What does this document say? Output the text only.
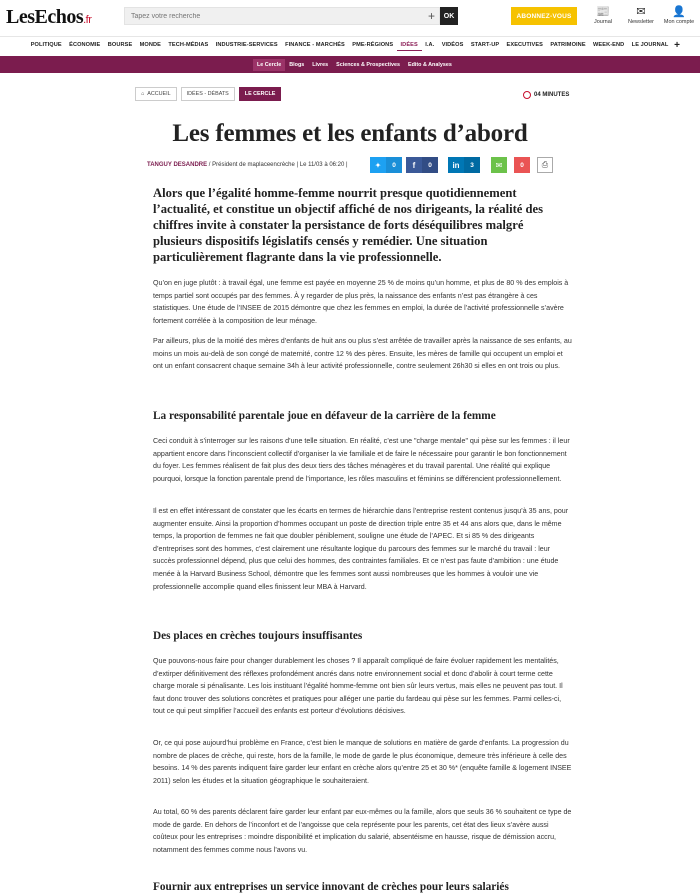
LesEchos.fr
Tapez votre recherche	+	OK	ABONNEZ-VOUS	📰
Journal
✉
Newsletter
👤
Mon compte
POLITIQUE	ÉCONOMIE	BOURSE	MONDE	TECH-MÉDIAS	INDUSTRIE-SERVICES	FINANCE - MARCHÉS	PME-RÉGIONS	IDÉES	I.A.	VIDÉOS	START-UP	EXECUTIVES	PATRIMOINE	WEEK-END	LE JOURNAL +
Le Cercle	Blogs	Livres	Sciences & Prospectives	Edito & Analyses
⌂ ACCUEIL	IDÉES - DÉBATS	LE CERCLE	04 MINUTES
Les femmes et les enfants d’abord
TANGUY DESANDRE / Président de maplaceencrèche | Le 11/03 à 06:20 |	✦	0	f	0	in	3	✉	0	⎙

Alors que l’égalité homme-femme nourrit presque quotidiennement l’actualité, et constitue un objectif affiché de nos dirigeants, la réalité des chiffres invite à constater la persistance de forts déséquilibres malgré plusieurs dispositifs législatifs censés y remédier. Une situation particulièrement flagrante dans la vie professionnelle.

Qu’on en juge plutôt : à travail égal, une femme est payée en moyenne 25 % de moins qu’un homme, et plus de 80 % des emplois à temps partiel sont occupés par des femmes. À y regarder de plus près, la naissance des enfants n’est pas étrangère à ces statistiques. Une étude de l’INSEE de 2015 démontre que chez les femmes en emploi, la durée de l’activité professionnelle s’avère fortement corrélée à la composition de leur ménage.

Par ailleurs, plus de la moitié des mères d’enfants de huit ans ou plus s’est arrêtée de travailler après la naissance de ses enfants, au moins un mois au-delà de son congé de maternité, contre 12 % des pères. Ensuite, les mères de famille qui occupent un emploi et ont un enfant consacrent chaque semaine 34h à leur activité professionnelle, contre seulement 26h30 si elles en ont trois ou plus.

La responsabilité parentale joue en défaveur de la carrière de la femme

Ceci conduit à s’interroger sur les raisons d’une telle situation. En réalité, c’est une "charge mentale" qui pèse sur les femmes : il leur appartient encore dans l’inconscient collectif d’organiser la vie familiale et de faire le nécessaire pour garantir le bon fonctionnement du foyer. Les femmes réalisent de fait plus des deux tiers des tâches ménagères et du travail parental. Une réalité qui explique pourquoi, lorsque la fonction parentale prend de l’importance, les rôles masculins et féminins se différencient professionnellement.

Il est en effet intéressant de constater que les écarts en termes de hiérarchie dans l’entreprise restent contenus jusqu’à 35 ans, pour augmenter ensuite. Ainsi la proportion d’hommes occupant un poste de direction triple entre 35 et 44 ans alors que, dans le même temps, la proportion de femmes ne fait que doubler péniblement, souligne une étude de l’APEC. Et si 85 % des dirigeants d’entreprises sont des hommes, c’est clairement une résultante logique du parcours des femmes sur le marché du travail : leur succès professionnel dépend, plus que celui des hommes, des contraintes familiales. Et ce n’est pas faute d’ambition : une étude menée à la Harvard Business School, démontre que les femmes sont aussi nombreuses que les hommes à vouloir une vie professionnelle accomplie quand elles finissent leur MBA à Harvard.

Des places en crèches toujours insuffisantes

Que pouvons-nous faire pour changer durablement les choses ? Il apparaît compliqué de faire évoluer rapidement les mentalités, d’extirper définitivement des réflexes profondément ancrés dans notre environnement social et donc d’abolir à court terme cette charge morale si pénalisante. Les lois instituant l’égalité homme-femme ont bien sûr leurs vertus, mais elles ne peuvent pas tout. Il faut donc trouver des solutions concrètes et pratiques pour alléger une partie du fardeau qui pèse sur les femmes. Parmi celles-ci, tout ce qui peut simplifier l’accueil des enfants est porteur d’évolutions décisives.

Or, ce qui pose aujourd’hui problème en France, c’est bien le manque de solutions en matière de garde d’enfants. La progression du nombre de places de crèche, qui reste, hors de la famille, le mode de garde le plus économique, demeure très inférieure à celle des besoins. 14 % des parents indiquent faire garder leur enfant en crèche alors qu’entre 25 et 30 %* (enquête famille & logement INSEE 2011) selon les études et la situation géographique le souhaiteraient.

Au total, 60 % des parents déclarent faire garder leur enfant par eux-mêmes ou la famille, alors que seuls 36 % souhaitent ce type de mode de garde. En dehors de l’inconfort et de l’angoisse que cela représente pour les parents, cet état des lieux s’avère aussi coûteux pour les entreprises : moindre disponibilité et implication du salarié, absentéisme en hausse, risque de démission accru, notamment des femmes comme nous l’avons vu.

Fournir aux entreprises un service innovant de crèches pour leurs salariés
